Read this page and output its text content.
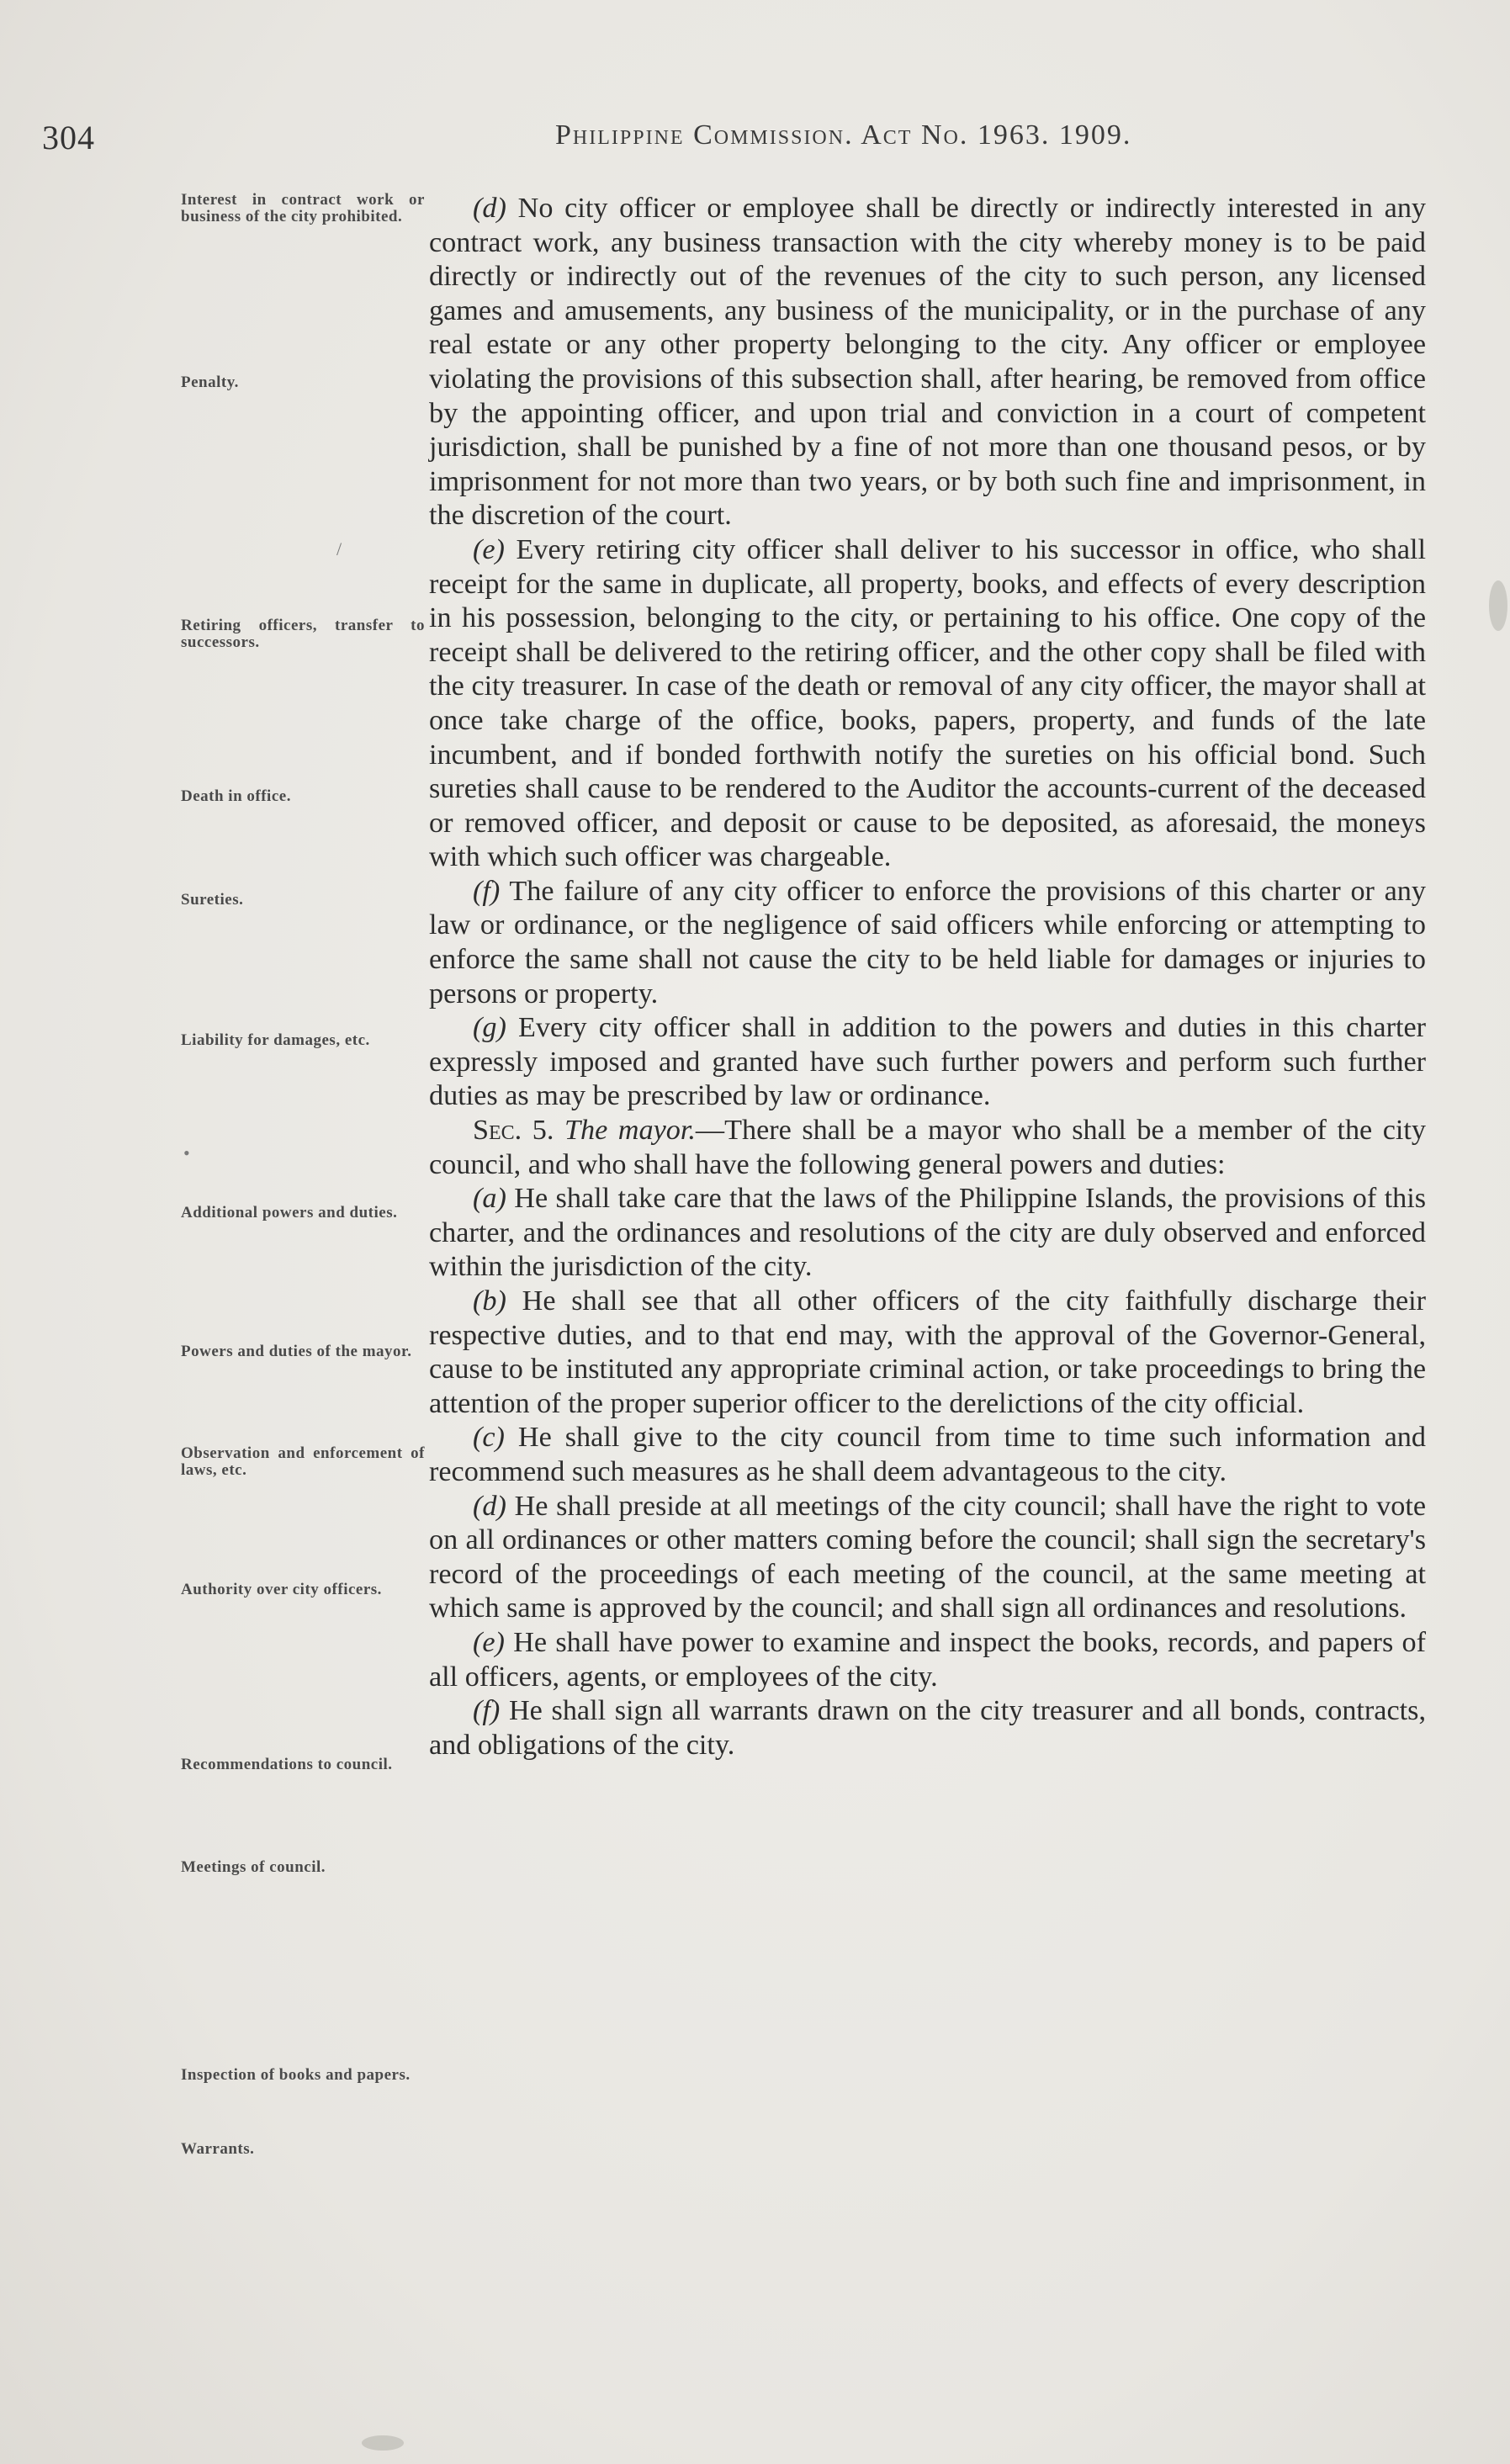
304	Philippine Commission. Act No. 1963. 1909.
Interest in contract work or business of the city prohibited.
Penalty.
Retiring officers, transfer to successors.
Death in office.
Sureties.
Liability for damages, etc.
Additional powers and duties.
Powers and duties of the mayor.
Observation and enforcement of laws, etc.
Authority over city officers.
Recommendations to council.
Meetings of council.
Inspection of books and papers.
Warrants.

(d) No city officer or employee shall be directly or indirectly interested in any contract work, any business transaction with the city whereby money is to be paid directly or indirectly out of the revenues of the city to such person, any licensed games and amusements, any business of the municipality, or in the purchase of any real estate or any other property belonging to the city. Any officer or employee violating the provisions of this subsection shall, after hearing, be removed from office by the appointing officer, and upon trial and conviction in a court of competent jurisdiction, shall be punished by a fine of not more than one thousand pesos, or by imprisonment for not more than two years, or by both such fine and imprisonment, in the discretion of the court.

(e) Every retiring city officer shall deliver to his successor in office, who shall receipt for the same in duplicate, all property, books, and effects of every description in his possession, belonging to the city, or pertaining to his office. One copy of the receipt shall be delivered to the retiring officer, and the other copy shall be filed with the city treasurer. In case of the death or removal of any city officer, the mayor shall at once take charge of the office, books, papers, property, and funds of the late incumbent, and if bonded forthwith notify the sureties on his official bond. Such sureties shall cause to be rendered to the Auditor the accounts-current of the deceased or removed officer, and deposit or cause to be deposited, as aforesaid, the moneys with which such officer was chargeable.

(f) The failure of any city officer to enforce the provisions of this charter or any law or ordinance, or the negligence of said officers while enforcing or attempting to enforce the same shall not cause the city to be held liable for damages or injuries to persons or property.

(g) Every city officer shall in addition to the powers and duties in this charter expressly imposed and granted have such further powers and perform such further duties as may be prescribed by law or ordinance.

Sec. 5. The mayor.—There shall be a mayor who shall be a member of the city council, and who shall have the following general powers and duties:

(a) He shall take care that the laws of the Philippine Islands, the provisions of this charter, and the ordinances and resolutions of the city are duly observed and enforced within the jurisdiction of the city.

(b) He shall see that all other officers of the city faithfully discharge their respective duties, and to that end may, with the approval of the Governor-General, cause to be instituted any appropriate criminal action, or take proceedings to bring the attention of the proper superior officer to the derelictions of the city official.

(c) He shall give to the city council from time to time such information and recommend such measures as he shall deem advantageous to the city.

(d) He shall preside at all meetings of the city council; shall have the right to vote on all ordinances or other matters coming before the council; shall sign the secretary's record of the proceedings of each meeting of the council, at the same meeting at which same is approved by the council; and shall sign all ordinances and resolutions.

(e) He shall have power to examine and inspect the books, records, and papers of all officers, agents, or employees of the city.

(f) He shall sign all warrants drawn on the city treasurer and all bonds, contracts, and obligations of the city.

/
•
